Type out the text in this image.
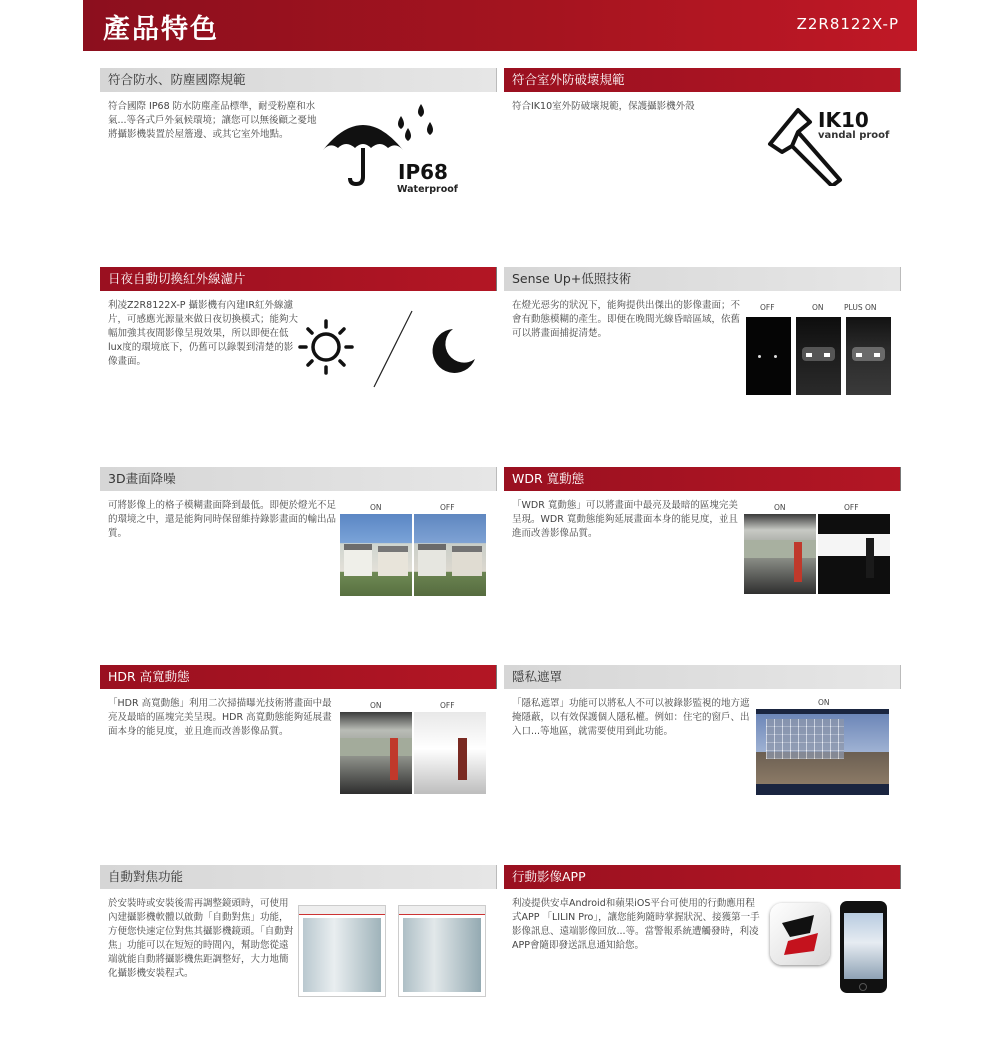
產品特色	Z2R8122X-P
符合防水、防塵國際規範
符合國際 IP68 防水防塵產品標準，耐受粉塵和水氣...等各式戶外氣候環境；讓您可以無後顧之憂地將攝影機裝置於屋簷邊、或其它室外地點。
IP68
Waterproof
符合室外防破壞規範
符合IK10室外防破壞規範，保護攝影機外殼
IK10
vandal proof
日夜自動切換紅外線濾片
利凌Z2R8122X-P 攝影機有內建IR紅外線濾片，可感應光源量來做日夜切換模式；能夠大幅加強其夜間影像呈現效果，所以即便在低lux度的環境底下，仍舊可以錄製到清楚的影像畫面。
Sense Up+低照技術
在燈光惡劣的狀況下，能夠提供出傑出的影像畫面；不會有動態模糊的產生。即便在晚間光線昏暗區域，依舊可以將畫面捕捉清楚。
OFF	ON	PLUS ON
3D畫面降噪
可將影像上的格子模糊畫面降到最低。即便於燈光不足的環境之中，還是能夠同時保留維持錄影畫面的輸出品質。
ON	OFF
WDR 寬動態
「WDR 寬動態」可以將畫面中最亮及最暗的區塊完美呈現。WDR 寬動態能夠延展畫面本身的能見度，並且進而改善影像品質。
ON	OFF
HDR 高寬動態
「HDR 高寬動態」利用二次掃描曝光技術將畫面中最亮及最暗的區塊完美呈現。HDR 高寬動態能夠延展畫面本身的能見度，並且進而改善影像品質。
ON	OFF
隱私遮罩
「隱私遮罩」功能可以將私人不可以被錄影監視的地方遮掩隱蔽，以有效保護個人隱私權。例如：住宅的窗戶、出入口...等地區，就需要使用到此功能。
ON
自動對焦功能
於安裝時或安裝後需再調整鏡頭時，可使用內建攝影機軟體以啟動「自動對焦」功能，方便您快速定位對焦其攝影機鏡頭。「自動對焦」功能可以在短短的時間內，幫助您從遠端就能自動將攝影機焦距調整好，大力地簡化攝影機安裝程式。
行動影像APP
利凌提供安卓Android和蘋果iOS平台可使用的行動應用程式APP 「LILIN Pro」，讓您能夠隨時掌握狀況、接獲第一手影像訊息、遠端影像回放...等。當警報系統遭觸發時，利凌APP會隨即發送訊息通知給您。
